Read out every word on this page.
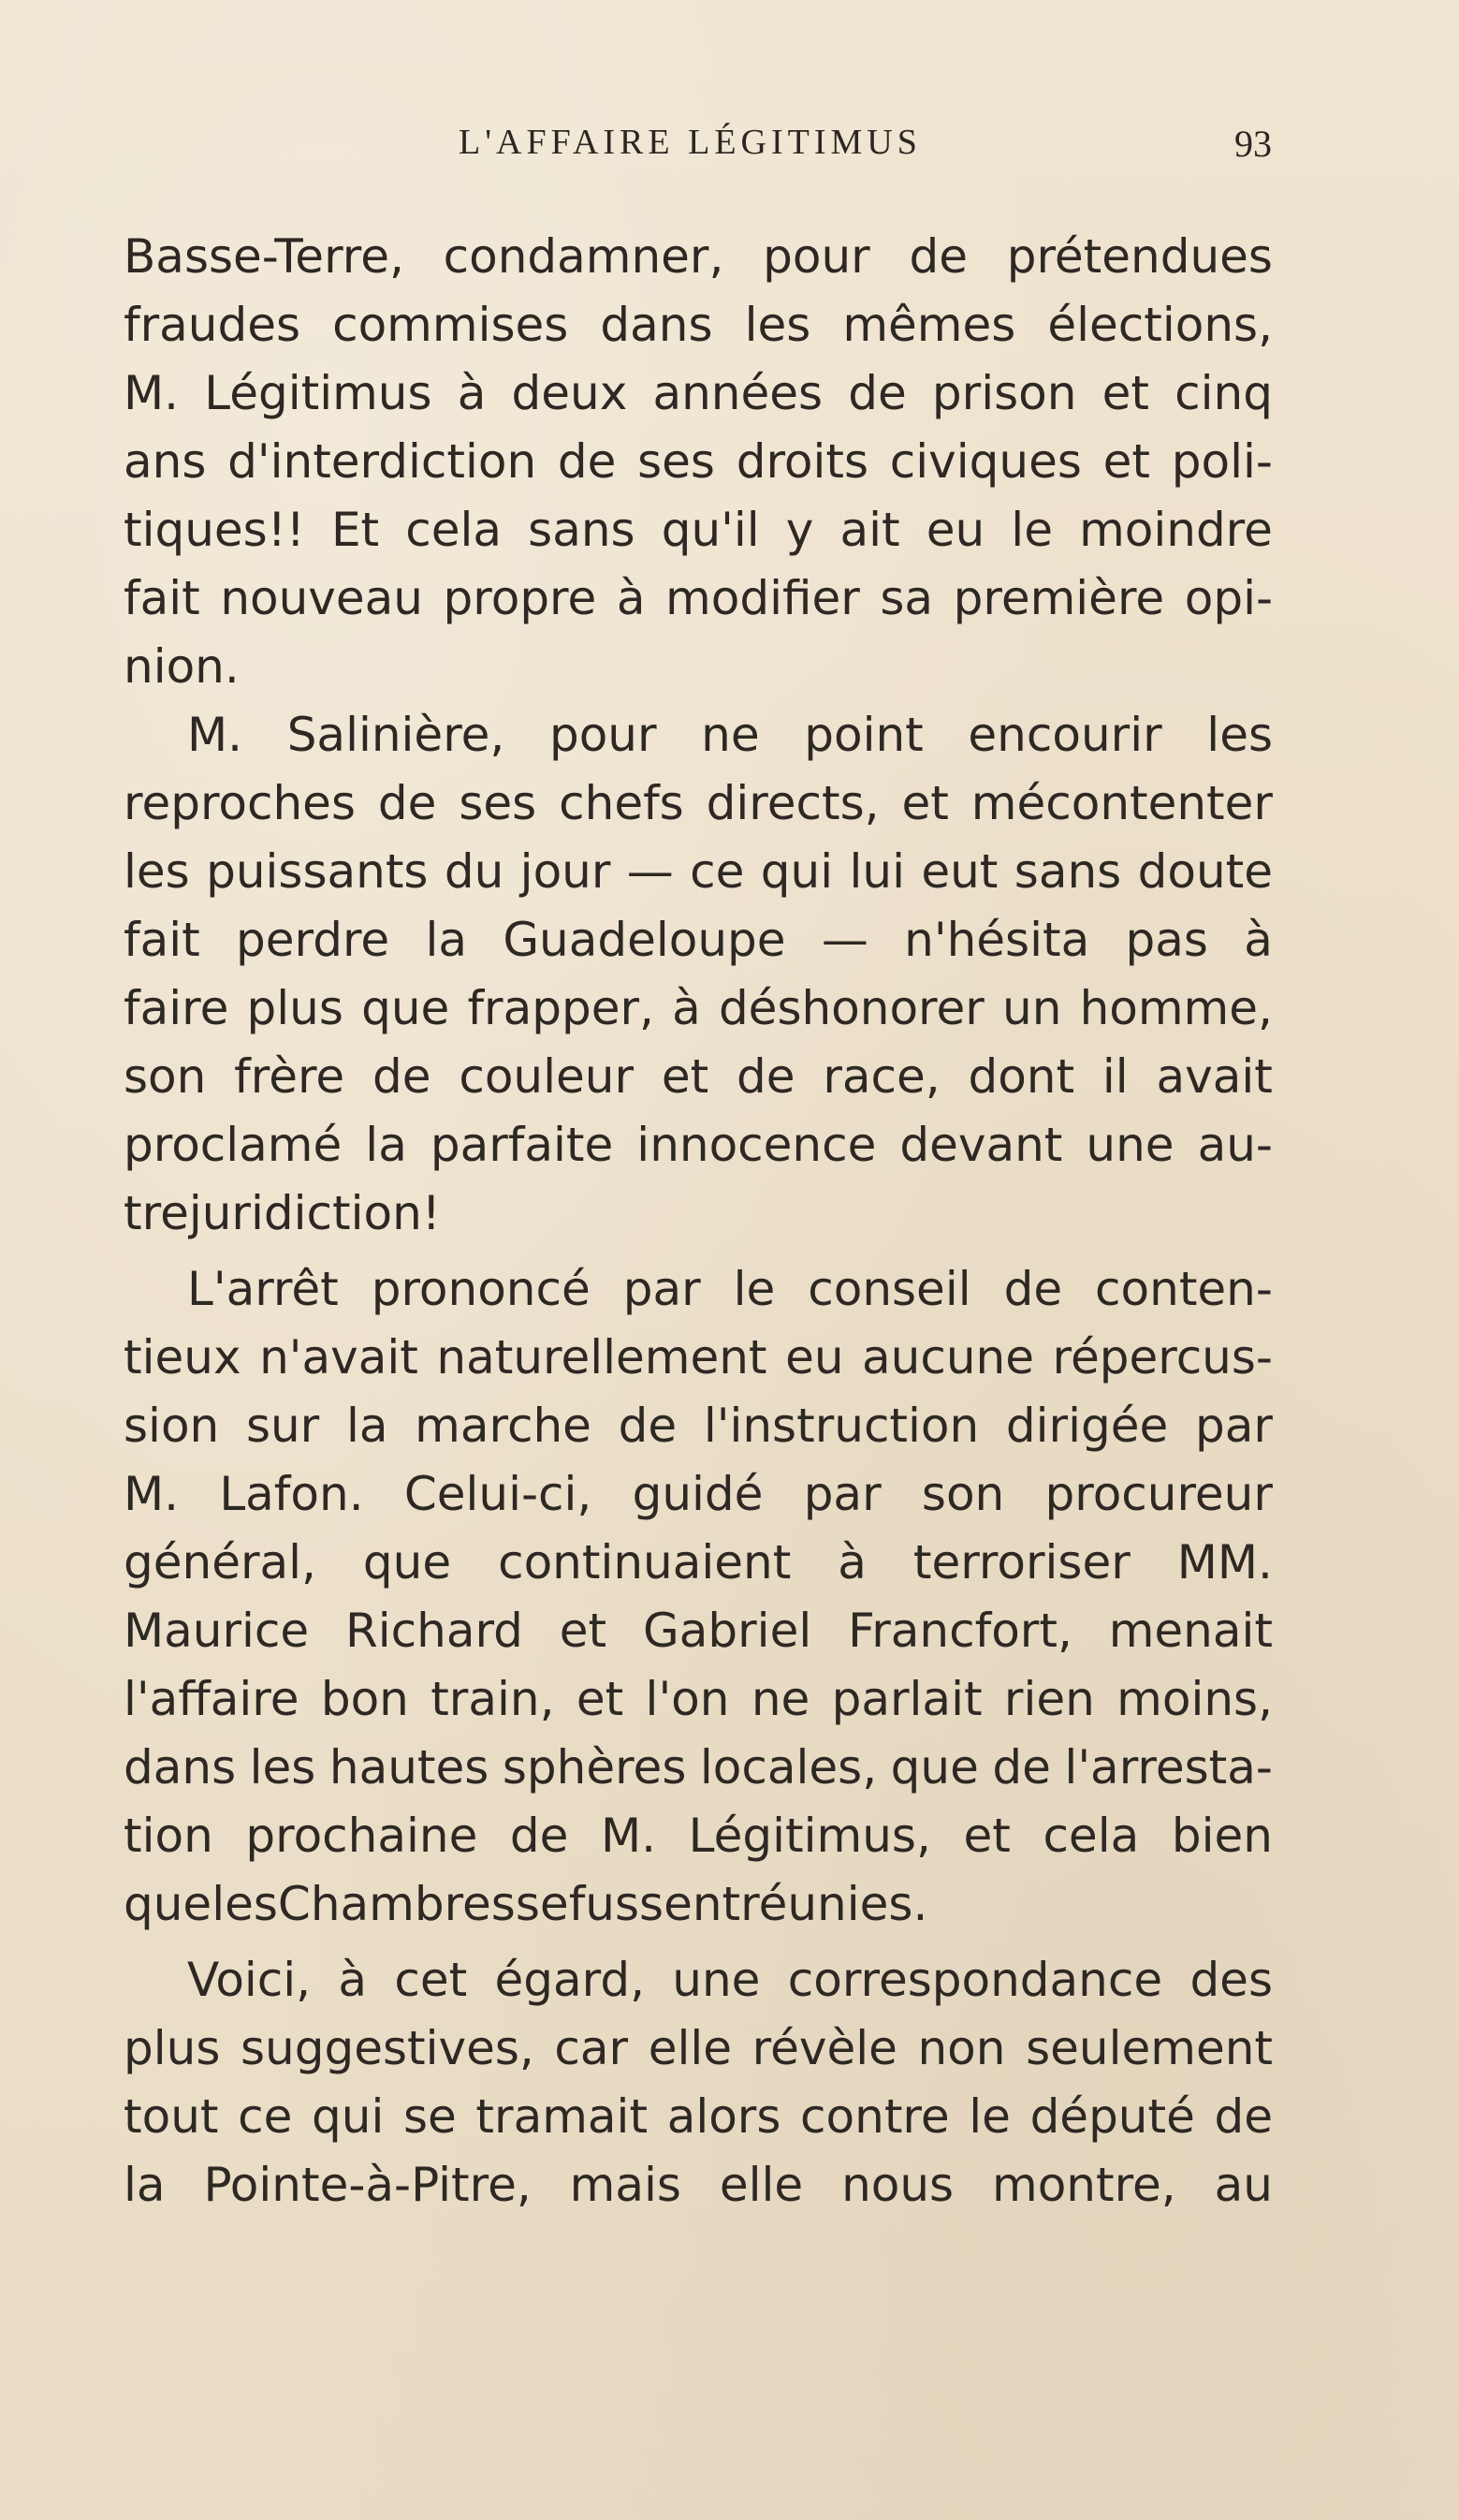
L'AFFAIRE LÉGITIMUS	93
Basse-Terre, condamner, pour de prétendues
fraudes commises dans les mêmes élections,
M. Légitimus à deux années de prison et cinq
ans d'interdiction de ses droits civiques et poli-
tiques!! Et cela sans qu'il y ait eu le moindre
fait nouveau propre à modifier sa première opi-
nion.
M. Salinière, pour ne point encourir les
reproches de ses chefs directs, et mécontenter
les puissants du jour — ce qui lui eut sans doute
fait perdre la Guadeloupe — n'hésita pas à
faire plus que frapper, à déshonorer un homme,
son frère de couleur et de race, dont il avait
proclamé la parfaite innocence devant une au-
tre juridiction!
L'arrêt prononcé par le conseil de conten-
tieux n'avait naturellement eu aucune répercus-
sion sur la marche de l'instruction dirigée par
M. Lafon. Celui-ci, guidé par son procureur
général, que continuaient à terroriser MM.
Maurice Richard et Gabriel Francfort, menait
l'affaire bon train, et l'on ne parlait rien moins,
dans les hautes sphères locales, que de l'arresta-
tion prochaine de M. Légitimus, et cela bien
que les Chambres se fussent réunies.
Voici, à cet égard, une correspondance des
plus suggestives, car elle révèle non seulement
tout ce qui se tramait alors contre le député de
la Pointe-à-Pitre, mais elle nous montre, au
